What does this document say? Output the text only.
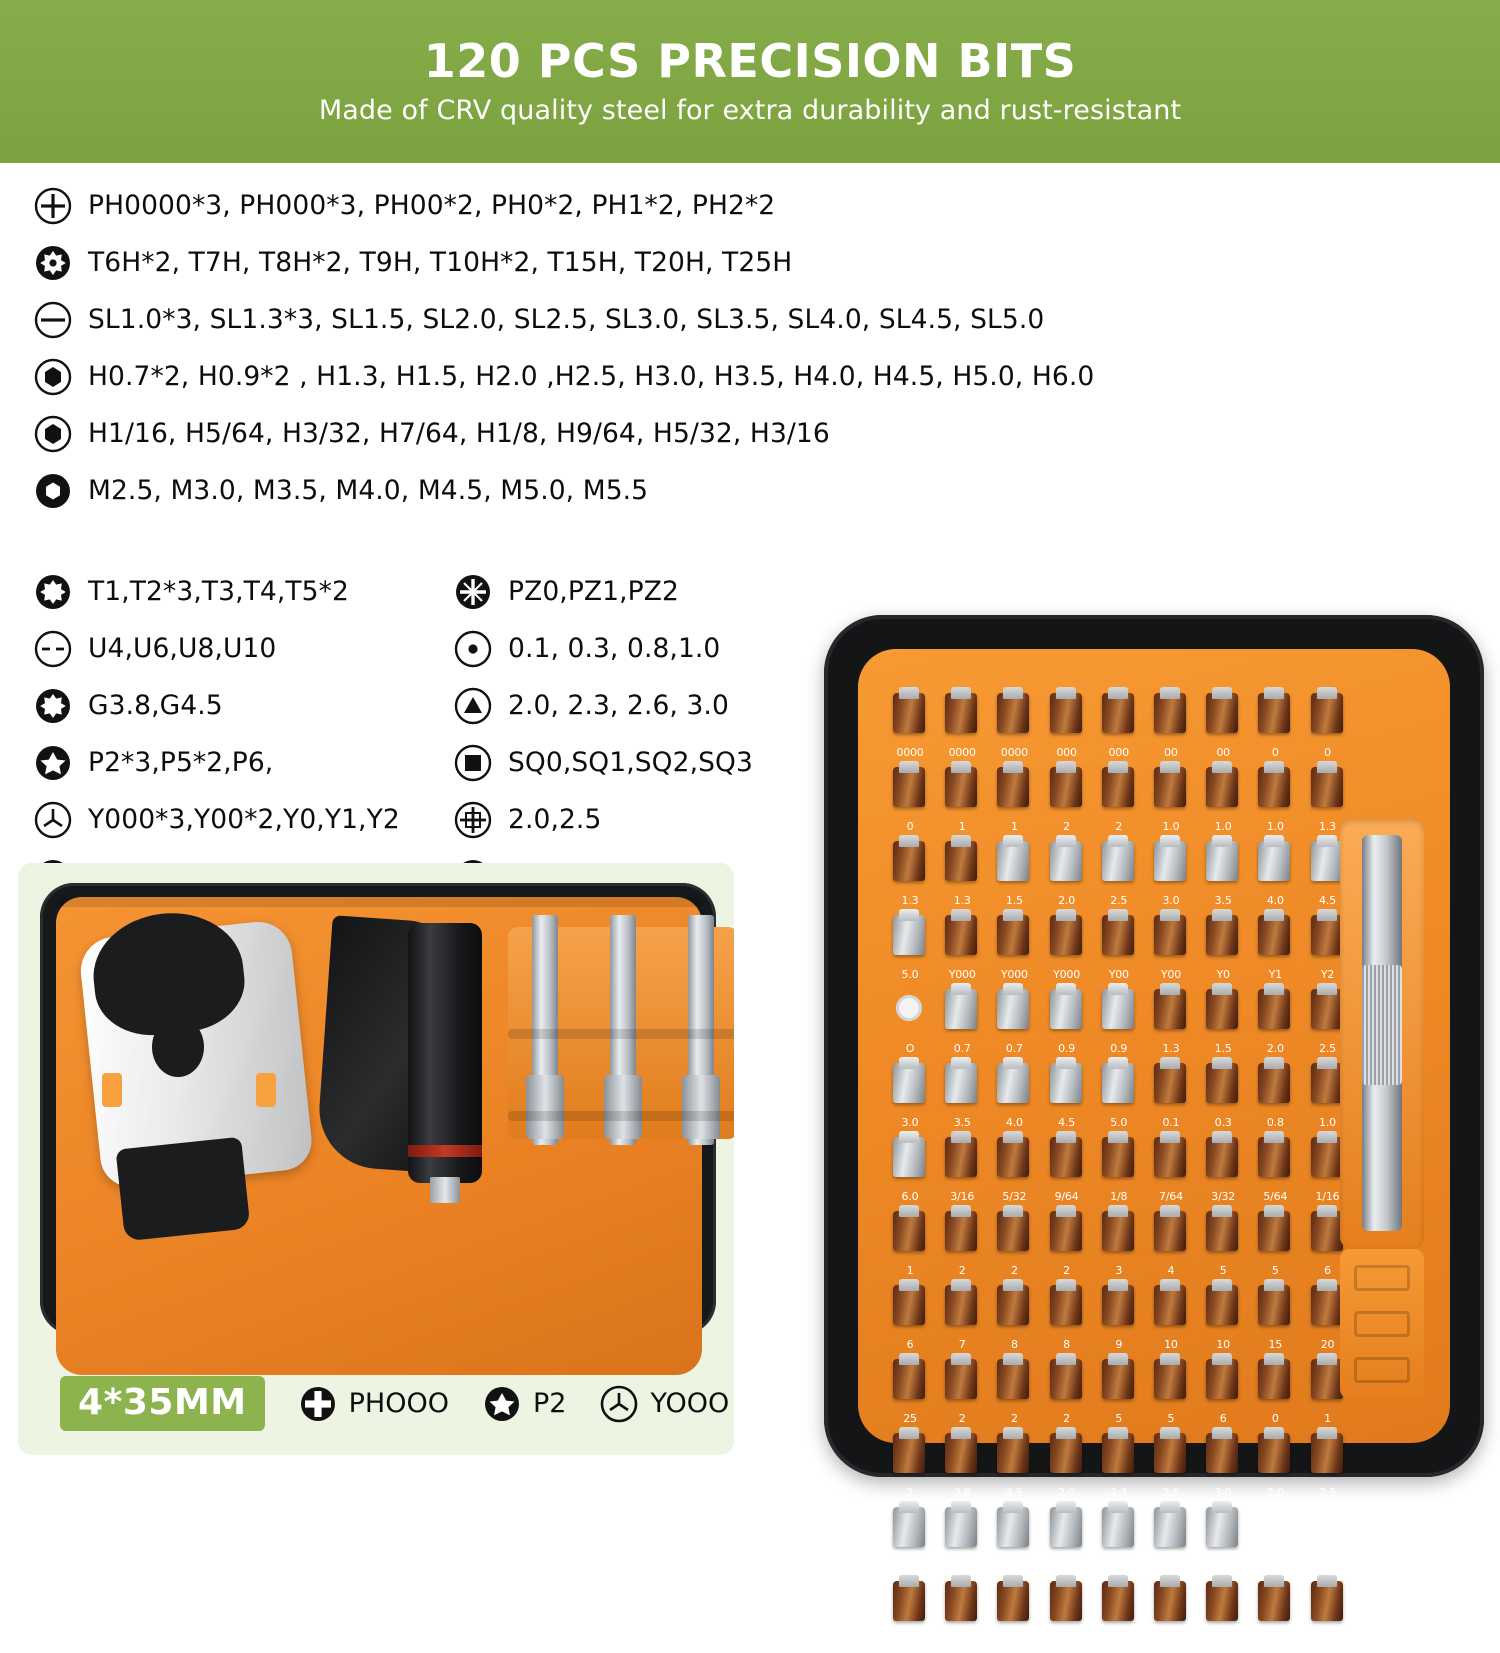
120 PCS PRECISION BITS
Made of CRV quality steel for extra durability and rust-resistant
PH0000*3, PH000*3, PH00*2, PH0*2, PH1*2, PH2*2
T6H*2, T7H, T8H*2, T9H, T10H*2, T15H, T20H, T25H
SL1.0*3, SL1.3*3, SL1.5, SL2.0, SL2.5, SL3.0, SL3.5, SL4.0, SL4.5, SL5.0
H0.7*2, H0.9*2 , H1.3, H1.5, H2.0 ,H2.5, H3.0, H3.5, H4.0, H4.5, H5.0, H6.0
H1/16, H5/64, H3/32, H7/64, H1/8, H9/64, H5/32, H3/16
M2.5, M3.0, M3.5, M4.0, M4.5, M5.0, M5.5
T1,T2*3,T3,T4,T5*2	PZ0,PZ1,PZ2
U4,U6,U8,U10	0.1, 0.3, 0.8,1.0
G3.8,G4.5	2.0, 2.3, 2.6, 3.0
P2*3,P5*2,P6,	SQ0,SQ1,SQ2,SQ3
Y000*3,Y00*2,Y0,Y1,Y2	2.0,2.5
4*35MM	PHOOO	P2	YOOO
0000	0000	0000	000	000	00	00	0	0
0	1	1	2	2	1.0	1.0	1.0	1.3
1.3	1.3	1.5	2.0	2.5	3.0	3.5	4.0	4.5
5.0	Y000	Y000	Y000	Y00	Y00	Y0	Y1	Y2
O	0.7	0.7	0.9	0.9	1.3	1.5	2.0	2.5
3.0	3.5	4.0	4.5	5.0	0.1	0.3	0.8	1.0
6.0	3/16	5/32	9/64	1/8	7/64	3/32	5/64	1/16
1	2	2	2	3	4	5	5	6
6	7	8	8	9	10	10	15	20
25	2	2	2	5	5	6	0	1
2	3.8	4.5	2.0	2.3	2.6	3.0	2.0	2.5
2.5	3.0	3.5	4.0	4.5	5.0	5.5
0	1	2	3	U4	U6	U8	U10	2
